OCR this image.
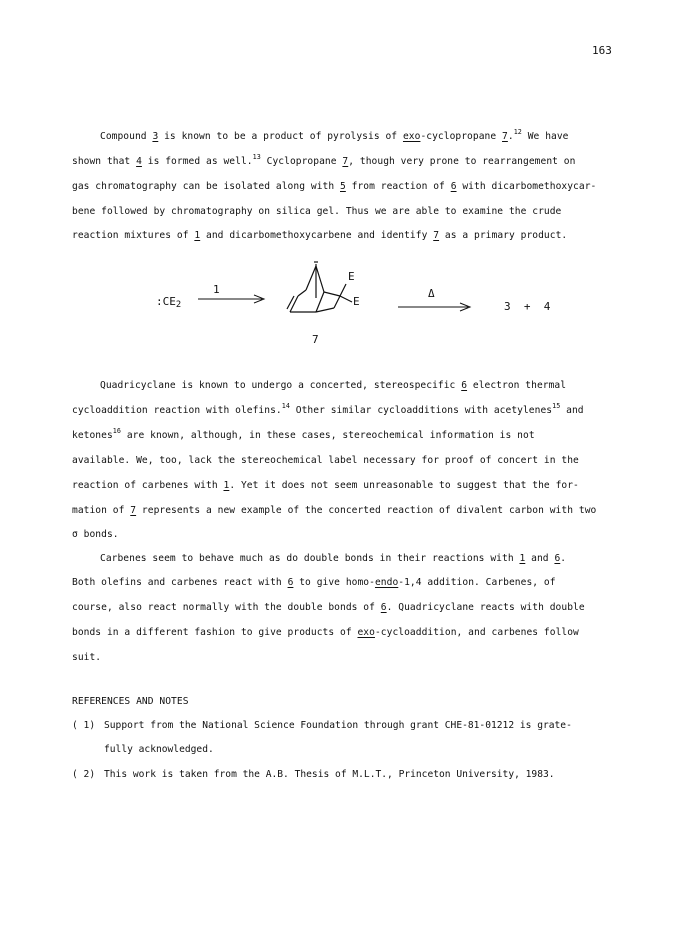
163
Compound 3 is known to be a product of pyrolysis of exo-cyclopropane 7.12 We have
shown that 4 is formed as well.$^{13}$ Cyclopropane 7, though very prone to rearrangement on
gas chromatography can be isolated along with 5 from reaction of 6 with dicarbomethoxycar-
bene followed by chromatography on silica gel. Thus we are able to examine the crude
reaction mixtures of 1 and dicarbomethoxycarbene and identify 7 as a primary product.
$:CE_2$
1
E
E
7
Δ
3  +  4
Quadricyclane is known to undergo a concerted, stereospecific 6 electron thermal
cycloaddition reaction with olefins.$^{14}$ Other similar cycloadditions with acetylenes$^{15}$ and
ketones$^{16}$ are known, although, in these cases, stereochemical information is not
available. We, too, lack the stereochemical label necessary for proof of concert in the
reaction of carbenes with 1. Yet it does not seem unreasonable to suggest that the for-
mation of 7 represents a new example of the concerted reaction of divalent carbon with two
σ bonds.
Carbenes seem to behave much as do double bonds in their reactions with 1 and 6.
Both olefins and carbenes react with 6 to give homo-endo-1,4 addition. Carbenes, of
course, also react normally with the double bonds of 6. Quadricyclane reacts with double
bonds in a different fashion to give products of exo-cycloaddition, and carbenes follow
suit.
REFERENCES AND NOTES
( 1) Support from the National Science Foundation through grant CHE-81-01212 is grate-
fully acknowledged.
( 2) This work is taken from the A.B. Thesis of M.L.T., Princeton University, 1983.
